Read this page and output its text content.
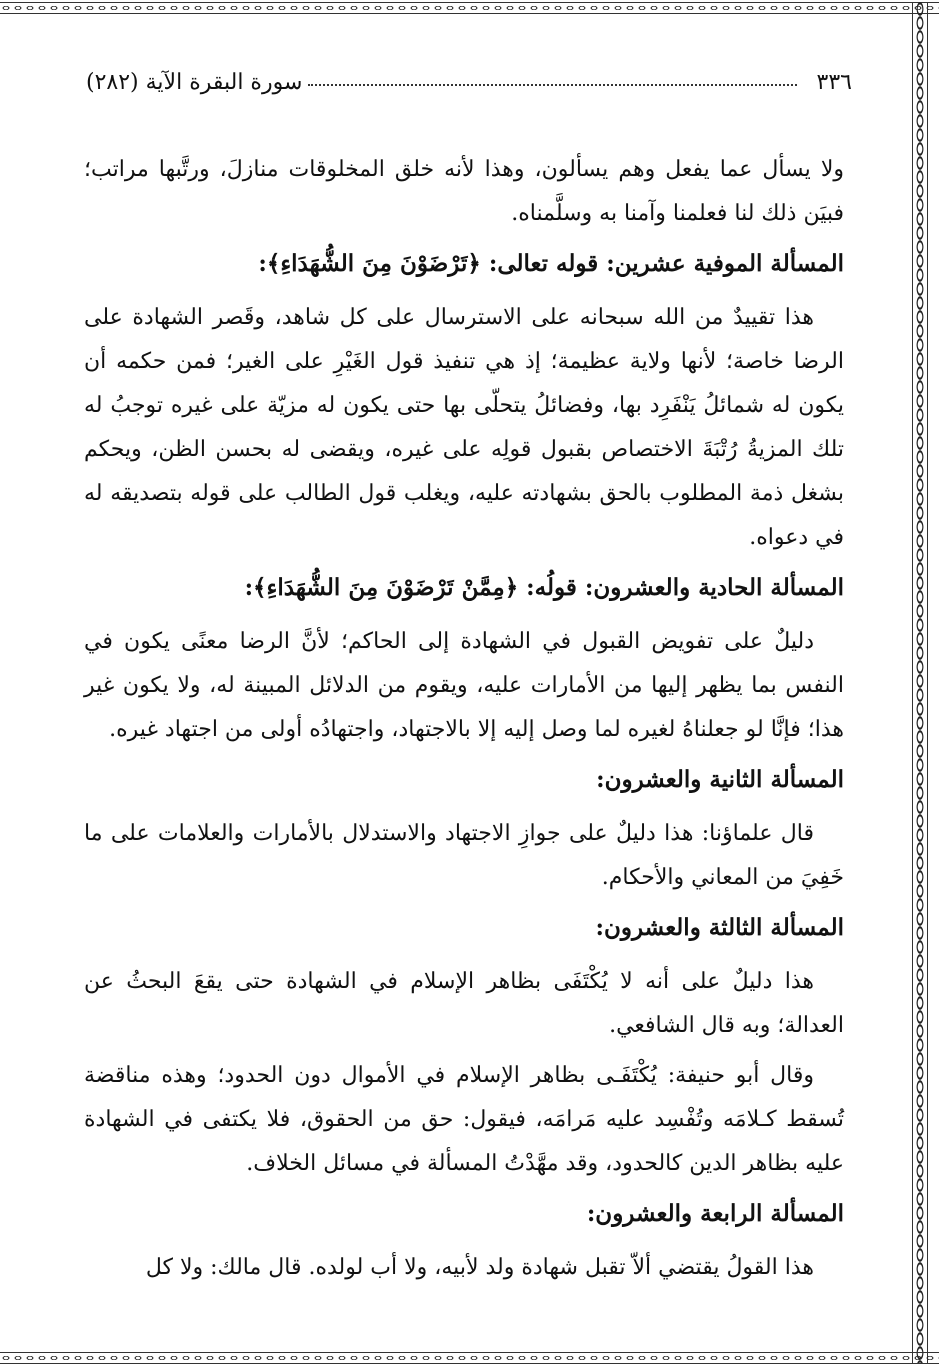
٣٣٦
سورة البقرة الآية (٢٨٢)

ولا يسأل عما يفعل وهم يسألون، وهذا لأنه خلق المخلوقات منازلَ، ورتَّبها مراتب؛ فبيَن ذلك لنا فعلمنا وآمنا به وسلَّمناه.

المسألة الموفية عشرين: قوله تعالى: ﴿تَرْضَوْنَ مِنَ الشُّهَدَاءِ﴾:

هذا تقييدٌ من الله سبحانه على الاسترسال على كل شاهد، وقَصر الشهادة على الرضا خاصة؛ لأنها ولاية عظيمة؛ إذ هي تنفيذ قول الغَيْرِ على الغير؛ فمن حكمه أن يكون له شمائلُ يَنْفَرِد بها، وفضائلُ يتحلّى بها حتى يكون له مزيّة على غيره توجبُ له تلك المزيةُ رُتْبَةَ الاختصاص بقبول قولِه على غيره، ويقضى له بحسن الظن، ويحكم بشغل ذمة المطلوب بالحق بشهادته عليه، ويغلب قول الطالب على قوله بتصديقه له في دعواه.

المسألة الحادية والعشرون: قولُه: ﴿مِمَّنْ تَرْضَوْنَ مِنَ الشُّهَدَاءِ﴾:

دليلٌ على تفويض القبول في الشهادة إلى الحاكم؛ لأنَّ الرضا معنًى يكون في النفس بما يظهر إليها من الأمارات عليه، ويقوم من الدلائل المبينة له، ولا يكون غير هذا؛ فإنَّا لو جعلناهُ لغيره لما وصل إليه إلا بالاجتهاد، واجتهادُه أولى من اجتهاد غيره.

المسألة الثانية والعشرون:

قال علماؤنا: هذا دليلٌ على جوازِ الاجتهاد والاستدلال بالأمارات والعلامات على ما خَفِيَ من المعاني والأحكام.

المسألة الثالثة والعشرون:

هذا دليلٌ على أنه لا يُكْتَفَى بظاهر الإسلام في الشهادة حتى يقعَ البحثُ عن العدالة؛ وبه قال الشافعي.

وقال أبو حنيفة: يُكْتَفَـى بظاهر الإسلام في الأموال دون الحدود؛ وهذه مناقضة تُسقط كـلامَه وتُفْسِد عليه مَرامَه، فيقول: حق من الحقوق، فلا يكتفى في الشهادة عليه بظاهر الدين كالحدود، وقد مهَّدْتُ المسألة في مسائل الخلاف.

المسألة الرابعة والعشرون:

هذا القولُ يقتضي ألاّ تقبل شهادة ولد لأبيه، ولا أب لولده. قال مالك: ولا كل
